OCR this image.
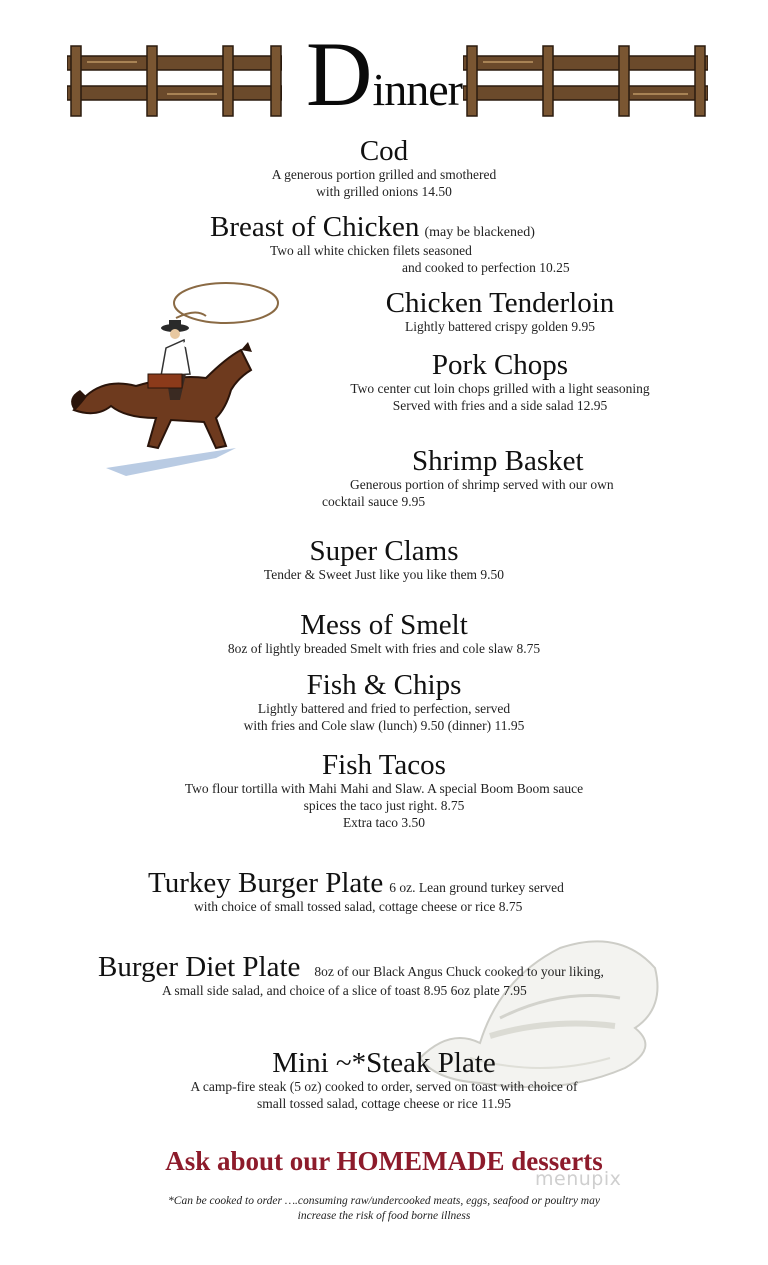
Dinner
Cod
A generous portion grilled and smothered
with grilled onions 14.50
Breast of Chicken (may be blackened)
Two all white chicken filets seasoned
and cooked to perfection 10.25
Chicken Tenderloin
Lightly battered crispy golden 9.95
Pork Chops
Two center cut loin chops grilled with a light seasoning
Served with fries and a side salad 12.95
Shrimp Basket
Generous portion of shrimp served with our own
cocktail sauce 9.95
Super Clams
Tender & Sweet Just like you like them 9.50
Mess of Smelt
8oz of lightly breaded Smelt with fries and cole slaw 8.75
Fish & Chips
Lightly battered and fried to perfection, served
with fries and Cole slaw (lunch) 9.50 (dinner) 11.95
Fish Tacos
Two flour tortilla with Mahi Mahi and Slaw. A special Boom Boom sauce
spices the taco just right. 8.75
Extra taco 3.50
Turkey Burger Plate 6 oz. Lean ground turkey served
with choice of small tossed salad, cottage cheese or rice 8.75
Burger Diet Plate 8oz of our Black Angus Chuck cooked to your liking,
A small side salad, and choice of a slice of toast 8.95 6oz plate 7.95
Mini ~*Steak Plate
A camp-fire steak (5 oz) cooked to order, served on toast with choice of
small tossed salad, cottage cheese or rice 11.95
Ask about our HOMEMADE desserts
menupix
*Can be cooked to order ….consuming raw/undercooked meats, eggs, seafood or poultry may
increase the risk of food borne illness
